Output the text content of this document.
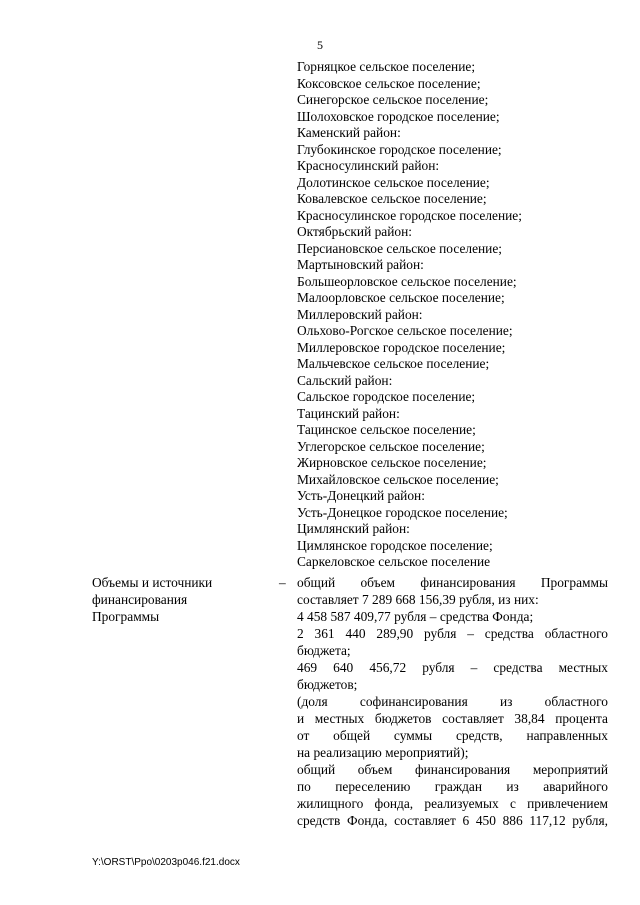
5
Горняцкое сельское поселение;
Коксовское сельское поселение;
Синегорское сельское поселение;
Шолоховское городское поселение;
Каменский район:
Глубокинское городское поселение;
Красносулинский район:
Долотинское сельское поселение;
Ковалевское сельское поселение;
Красносулинское городское поселение;
Октябрьский район:
Персиановское сельское поселение;
Мартыновский район:
Большеорловское сельское поселение;
Малоорловское сельское поселение;
Миллеровский район:
Ольхово-Рогское сельское поселение;
Миллеровское городское поселение;
Мальчевское сельское поселение;
Сальский район:
Сальское городское поселение;
Тацинский район:
Тацинское сельское поселение;
Углегорское сельское поселение;
Жирновское сельское поселение;
Михайловское сельское поселение;
Усть-Донецкий район:
Усть-Донецкое городское поселение;
Цимлянский район:
Цимлянское городское поселение;
Саркеловское сельское поселение
Объемы и источники
финансирования
Программы
– общий объем финансирования Программы
составляет 7 289 668 156,39 рубля, из них:
4 458 587 409,77 рубля – средства Фонда;
2 361 440 289,90 рубля – средства областного
бюджета;
469 640 456,72 рубля – средства местных
бюджетов;
(доля софинансирования из областного
и местных бюджетов составляет 38,84 процента
от общей суммы средств, направленных
на реализацию мероприятий);
общий объем финансирования мероприятий
по переселению граждан из аварийного
жилищного фонда, реализуемых с привлечением
средств Фонда, составляет 6 450 886 117,12 рубля,
Y:\ORST\Ppo\0203p046.f21.docx
